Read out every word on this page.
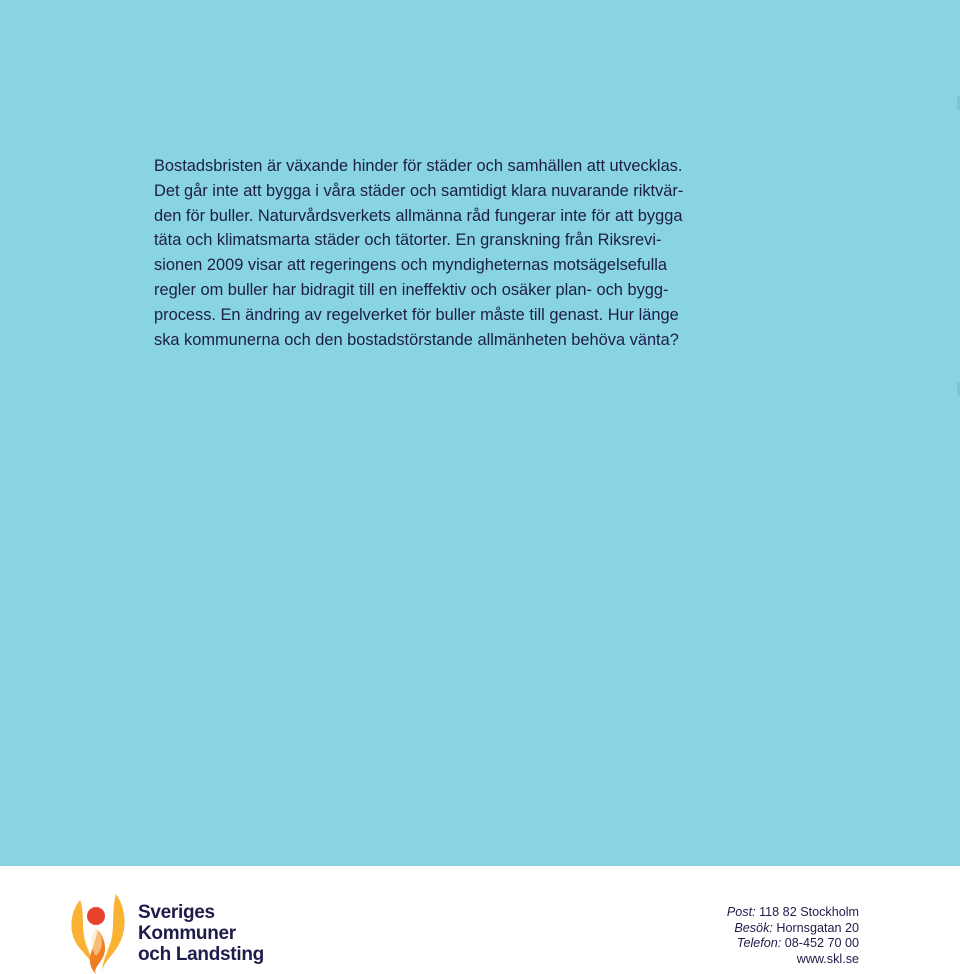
Bostadsbristen är växande hinder för städer och samhällen att utvecklas.
Det går inte att bygga i våra städer och samtidigt klara nuvarande riktvär-
den för buller. Naturvårdsverkets allmänna råd fungerar inte för att bygga
täta och klimatsmarta städer och tätorter. En granskning från Riksrevi-
sionen 2009 visar att regeringens och myndigheternas motsägelsefulla
regler om buller har bidragit till en ineffektiv och osäker plan- och bygg-
process. En ändring av regelverket för buller måste till genast. Hur länge
ska kommunerna och den bostadstörstande allmänheten behöva vänta?

Sveriges
Kommuner
och Landsting
Post: 118 82 Stockholm
Besök: Hornsgatan 20
Telefon: 08-452 70 00
www.skl.se
